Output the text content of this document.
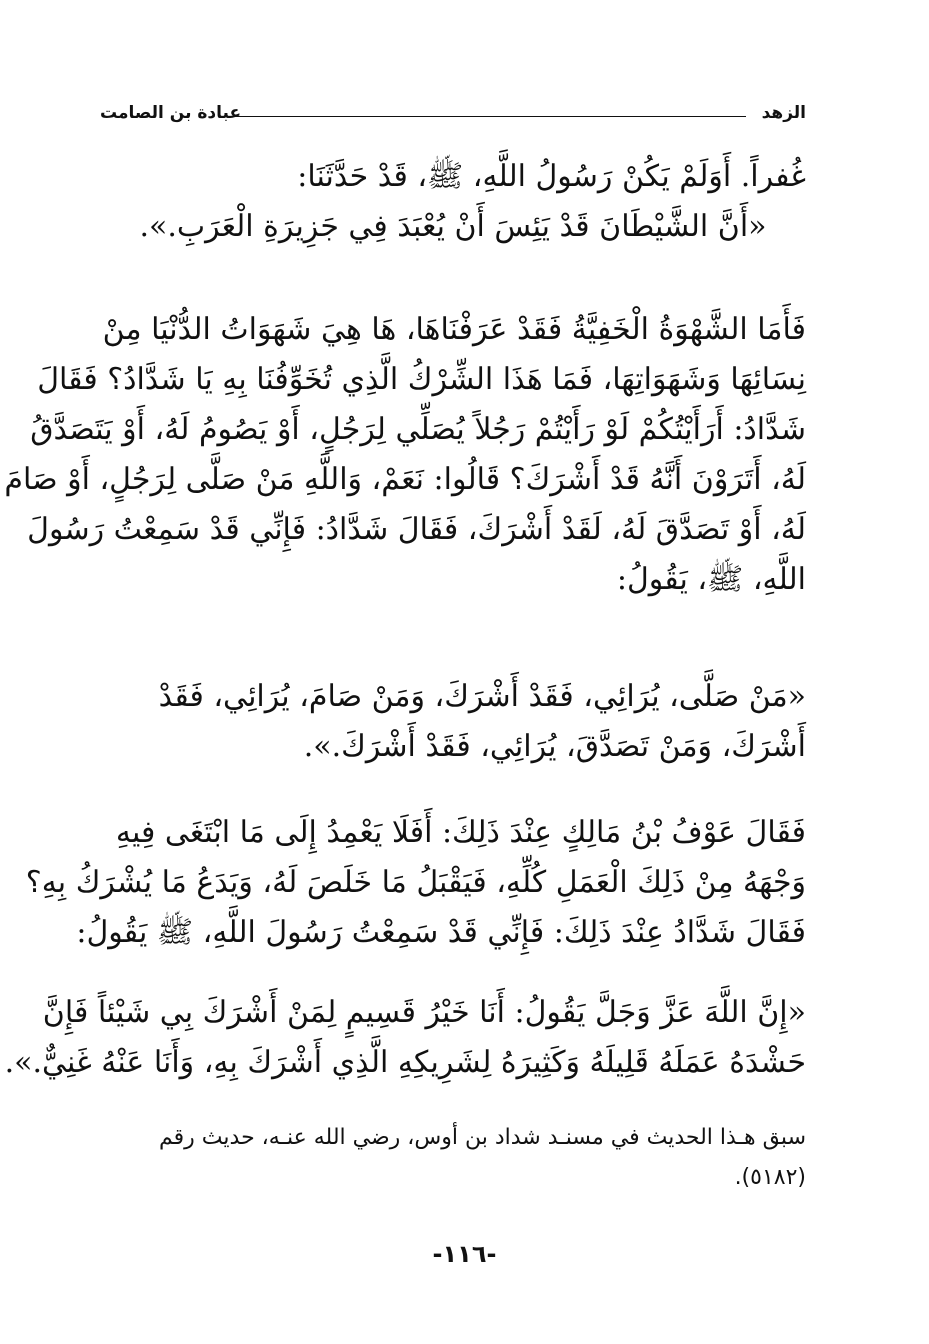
الزهد
عبادة بن الصامت
غُفراً. أَوَلَمْ يَكُنْ رَسُولُ اللَّهِ، ﷺ، قَدْ حَدَّثَنَا:
«أَنَّ الشَّيْطَانَ قَدْ يَئِسَ أَنْ يُعْبَدَ فِي جَزِيرَةِ الْعَرَبِ.».
فَأَمَا الشَّهْوَةُ الْخَفِيَّةُ فَقَدْ عَرَفْنَاهَا، هَا هِيَ شَهَوَاتُ الدُّنْيَا مِنْ
نِسَائِهَا وَشَهَوَاتِهَا، فَمَا هَذَا الشِّرْكُ الَّذِي تُخَوِّفُنَا بِهِ يَا شَدَّادُ؟ فَقَالَ
شَدَّادُ: أَرَأَيْتُكُمْ لَوْ رَأَيْتُمْ رَجُلاً يُصَلِّي لِرَجُلٍ، أَوْ يَصُومُ لَهُ، أَوْ يَتَصَدَّقُ
لَهُ، أَتَرَوْنَ أَنَّهُ قَدْ أَشْرَكَ؟ قَالُوا: نَعَمْ، وَاللَّهِ مَنْ صَلَّى لِرَجُلٍ، أَوْ صَامَ
لَهُ، أَوْ تَصَدَّقَ لَهُ، لَقَدْ أَشْرَكَ، فَقَالَ شَدَّادُ: فَإِنِّي قَدْ سَمِعْتُ رَسُولَ
اللَّهِ، ﷺ، يَقُولُ:
«مَنْ صَلَّى، يُرَائِي، فَقَدْ أَشْرَكَ، وَمَنْ صَامَ، يُرَائِي، فَقَدْ
أَشْرَكَ، وَمَنْ تَصَدَّقَ، يُرَائِي، فَقَدْ أَشْرَكَ.».
فَقَالَ عَوْفُ بْنُ مَالِكٍ عِنْدَ ذَلِكَ: أَفَلَا يَعْمِدُ إِلَى مَا ابْتَغَى فِيهِ
وَجْهَهُ مِنْ ذَلِكَ الْعَمَلِ كُلِّهِ، فَيَقْبَلُ مَا خَلَصَ لَهُ، وَيَدَعُ مَا يُشْرَكُ بِهِ؟
فَقَالَ شَدَّادُ عِنْدَ ذَلِكَ: فَإِنِّي قَدْ سَمِعْتُ رَسُولَ اللَّهِ، ﷺ يَقُولُ:
«إِنَّ اللَّهَ عَزَّ وَجَلَّ يَقُولُ: أَنَا خَيْرُ قَسِيمٍ لِمَنْ أَشْرَكَ بِي شَيْئاً فَإِنَّ
حَشْدَهُ عَمَلَهُ قَلِيلَهُ وَكَثِيرَهُ لِشَرِيكِهِ الَّذِي أَشْرَكَ بِهِ، وَأَنَا عَنْهُ غَنِيٌّ.».
سبق هـذا الحديث في مسنـد شداد بن أوس، رضي الله عنـه، حديث رقم
(٥١٨٢).
-١١٦-
